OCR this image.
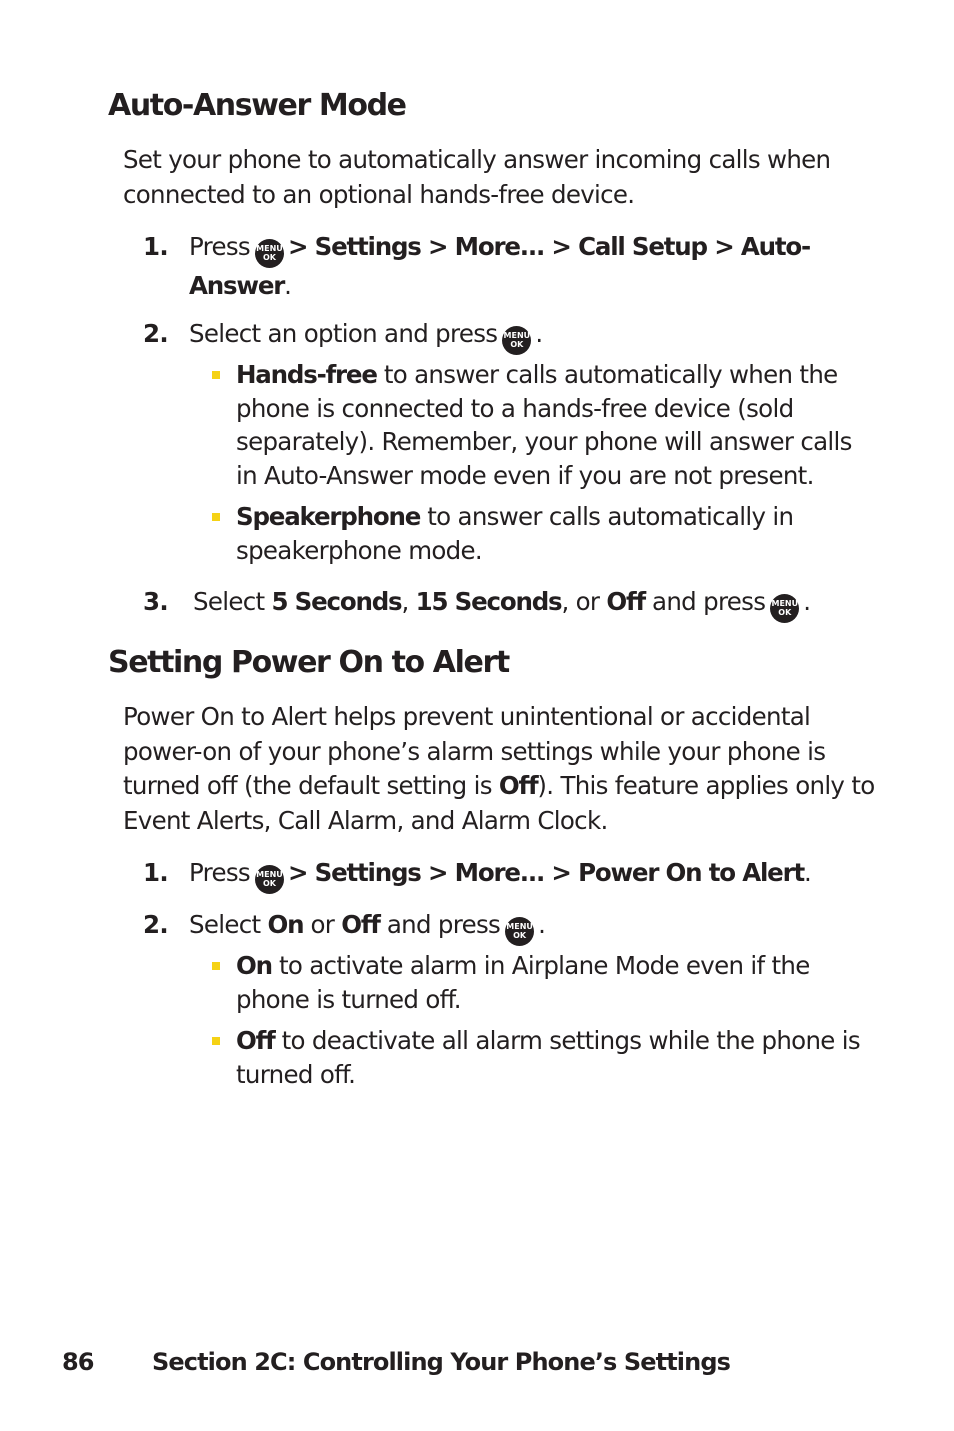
Auto-Answer Mode

Set your phone to automatically answer incoming calls when connected to an optional hands-free device.

1. Press MENU
OK > Settings > More... > Call Setup > Auto-Answer.
2. Select an option and press MENU
OK .
Hands-free to answer calls automatically when the phone is connected to a hands-free device (sold separately). Remember, your phone will answer calls in Auto-Answer mode even if you are not present.
Speakerphone to answer calls automatically in speakerphone mode.
3. Select 5 Seconds, 15 Seconds, or Off and press MENU
OK .
Setting Power On to Alert

Power On to Alert helps prevent unintentional or accidental power-on of your phone’s alarm settings while your phone is turned off (the default setting is Off). This feature applies only to Event Alerts, Call Alarm, and Alarm Clock.

1. Press MENU
OK > Settings > More... > Power On to Alert.
2. Select On or Off and press MENU
OK .
On to activate alarm in Airplane Mode even if the phone is turned off.
Off to deactivate all alarm settings while the phone is turned off.
86 Section 2C: Controlling Your Phone’s Settings
